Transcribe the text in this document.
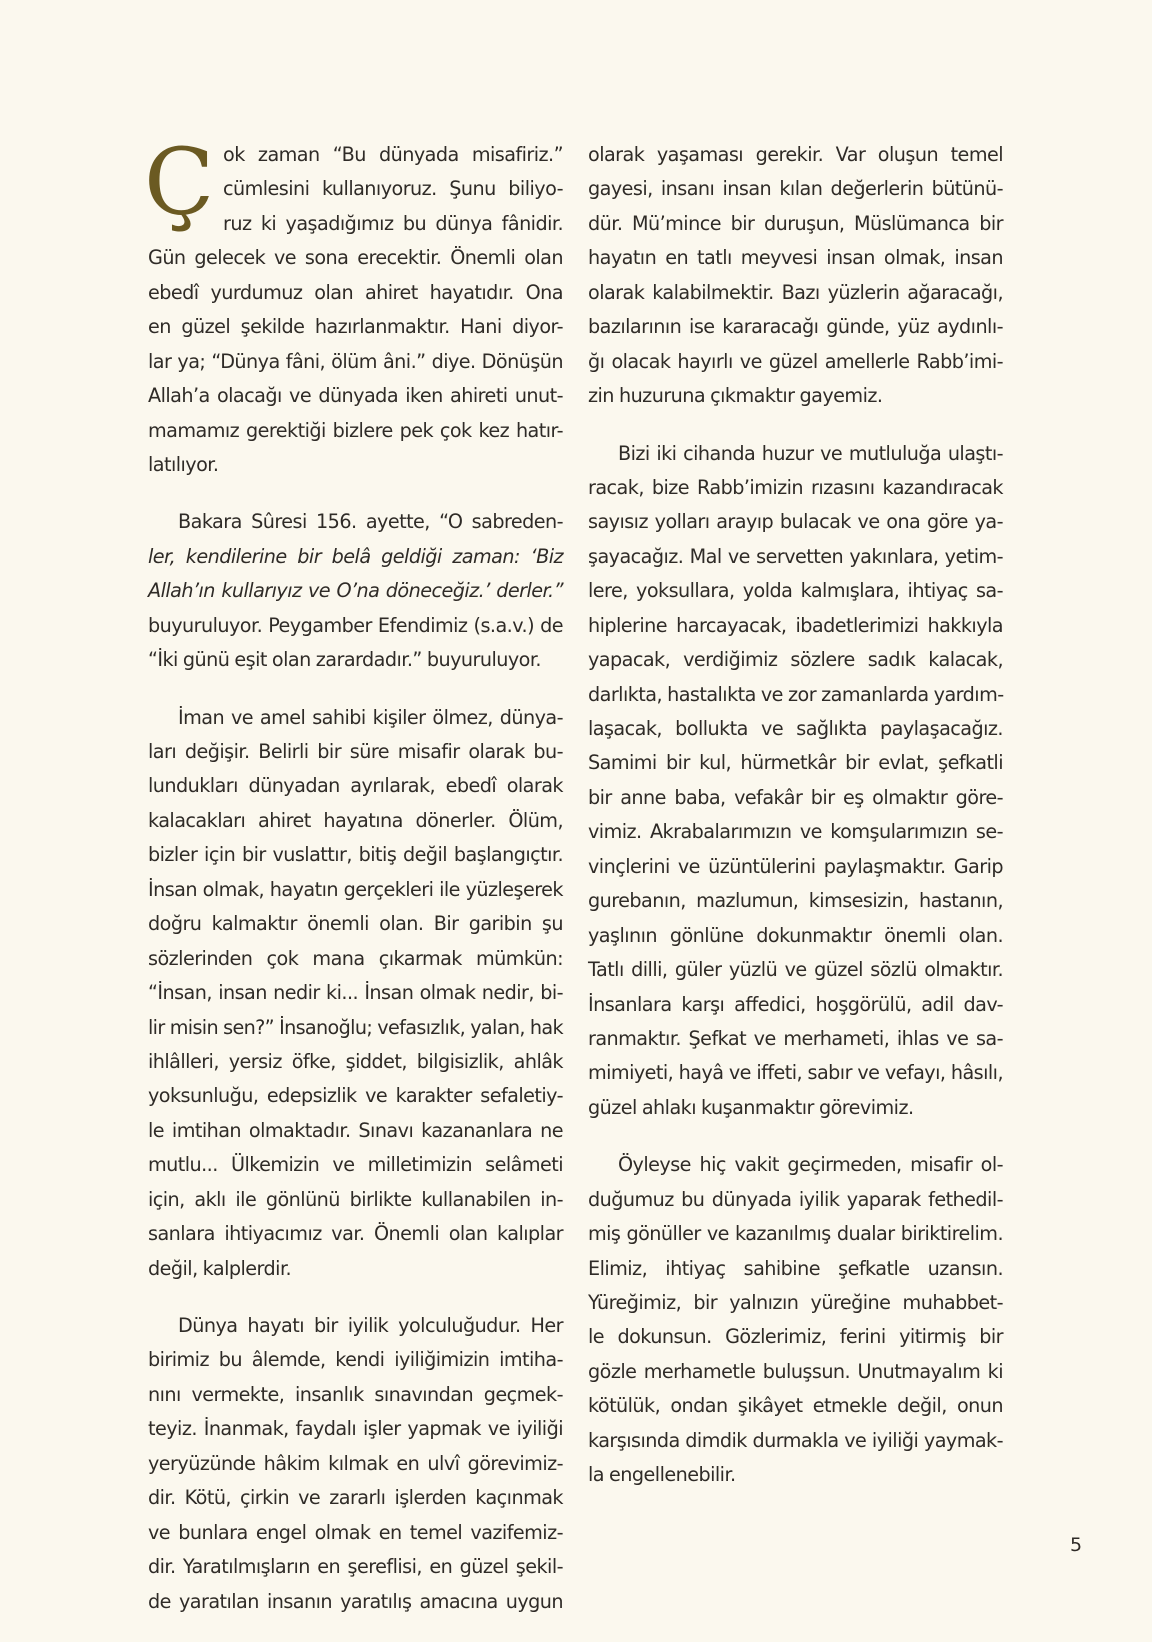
Ç ok zaman “Bu dünyada misafiriz.”
cümlesini kullanıyoruz. Şunu biliyo-
ruz ki yaşadığımız bu dünya fânidir.
Gün gelecek ve sona erecektir. Önemli olan
ebedî yurdumuz olan ahiret hayatıdır. Ona
en güzel şekilde hazırlanmaktır. Hani diyor-
lar ya; “Dünya fâni, ölüm âni.” diye. Dönüşün
Allah’a olacağı ve dünyada iken ahireti unut-
mamamız gerektiği bizlere pek çok kez hatır-
latılıyor.
Bakara Sûresi 156. ayette, “O sabreden-
ler, kendilerine bir belâ geldiği zaman: ‘Biz
Allah’ın kullarıyız ve O’na döneceğiz.’ derler.”
buyuruluyor. Peygamber Efendimiz (s.a.v.) de
“İki günü eşit olan zarardadır.” buyuruluyor.
İman ve amel sahibi kişiler ölmez, dünya-
ları değişir. Belirli bir süre misafir olarak bu-
lundukları dünyadan ayrılarak, ebedî olarak
kalacakları ahiret hayatına dönerler. Ölüm,
bizler için bir vuslattır, bitiş değil başlangıçtır.
İnsan olmak, hayatın gerçekleri ile yüzleşerek
doğru kalmaktır önemli olan. Bir garibin şu
sözlerinden çok mana çıkarmak mümkün:
“İnsan, insan nedir ki... İnsan olmak nedir, bi-
lir misin sen?” İnsanoğlu; vefasızlık, yalan, hak
ihlâlleri, yersiz öfke, şiddet, bilgisizlik, ahlâk
yoksunluğu, edepsizlik ve karakter sefaletiy-
le imtihan olmaktadır. Sınavı kazananlara ne
mutlu... Ülkemizin ve milletimizin selâmeti
için, aklı ile gönlünü birlikte kullanabilen in-
sanlara ihtiyacımız var. Önemli olan kalıplar
değil, kalplerdir.
Dünya hayatı bir iyilik yolculuğudur. Her
birimiz bu âlemde, kendi iyiliğimizin imtiha-
nını vermekte, insanlık sınavından geçmek-
teyiz. İnanmak, faydalı işler yapmak ve iyiliği
yeryüzünde hâkim kılmak en ulvî görevimiz-
dir. Kötü, çirkin ve zararlı işlerden kaçınmak
ve bunlara engel olmak en temel vazifemiz-
dir. Yaratılmışların en şereflisi, en güzel şekil-
de yaratılan insanın yaratılış amacına uygun
olarak yaşaması gerekir. Var oluşun temel
gayesi, insanı insan kılan değerlerin bütünü-
dür. Mü’mince bir duruşun, Müslümanca bir
hayatın en tatlı meyvesi insan olmak, insan
olarak kalabilmektir. Bazı yüzlerin ağaracağı,
bazılarının ise kararacağı günde, yüz aydınlı-
ğı olacak hayırlı ve güzel amellerle Rabb’imi-
zin huzuruna çıkmaktır gayemiz.
Bizi iki cihanda huzur ve mutluluğa ulaştı-
racak, bize Rabb’imizin rızasını kazandıracak
sayısız yolları arayıp bulacak ve ona göre ya-
şayacağız. Mal ve servetten yakınlara, yetim-
lere, yoksullara, yolda kalmışlara, ihtiyaç sa-
hiplerine harcayacak, ibadetlerimizi hakkıyla
yapacak, verdiğimiz sözlere sadık kalacak,
darlıkta, hastalıkta ve zor zamanlarda yardım-
laşacak, bollukta ve sağlıkta paylaşacağız.
Samimi bir kul, hürmetkâr bir evlat, şefkatli
bir anne baba, vefakâr bir eş olmaktır göre-
vimiz. Akrabalarımızın ve komşularımızın se-
vinçlerini ve üzüntülerini paylaşmaktır. Garip
gurebanın, mazlumun, kimsesizin, hastanın,
yaşlının gönlüne dokunmaktır önemli olan.
Tatlı dilli, güler yüzlü ve güzel sözlü olmaktır.
İnsanlara karşı affedici, hoşgörülü, adil dav-
ranmaktır. Şefkat ve merhameti, ihlas ve sa-
mimiyeti, hayâ ve iffeti, sabır ve vefayı, hâsılı,
güzel ahlakı kuşanmaktır görevimiz.
Öyleyse hiç vakit geçirmeden, misafir ol-
duğumuz bu dünyada iyilik yaparak fethedil-
miş gönüller ve kazanılmış dualar biriktirelim.
Elimiz, ihtiyaç sahibine şefkatle uzansın.
Yüreğimiz, bir yalnızın yüreğine muhabbet-
le dokunsun. Gözlerimiz, ferini yitirmiş bir
gözle merhametle buluşsun. Unutmayalım ki
kötülük, ondan şikâyet etmekle değil, onun
karşısında dimdik durmakla ve iyiliği yaymak-
la engellenebilir.
5
